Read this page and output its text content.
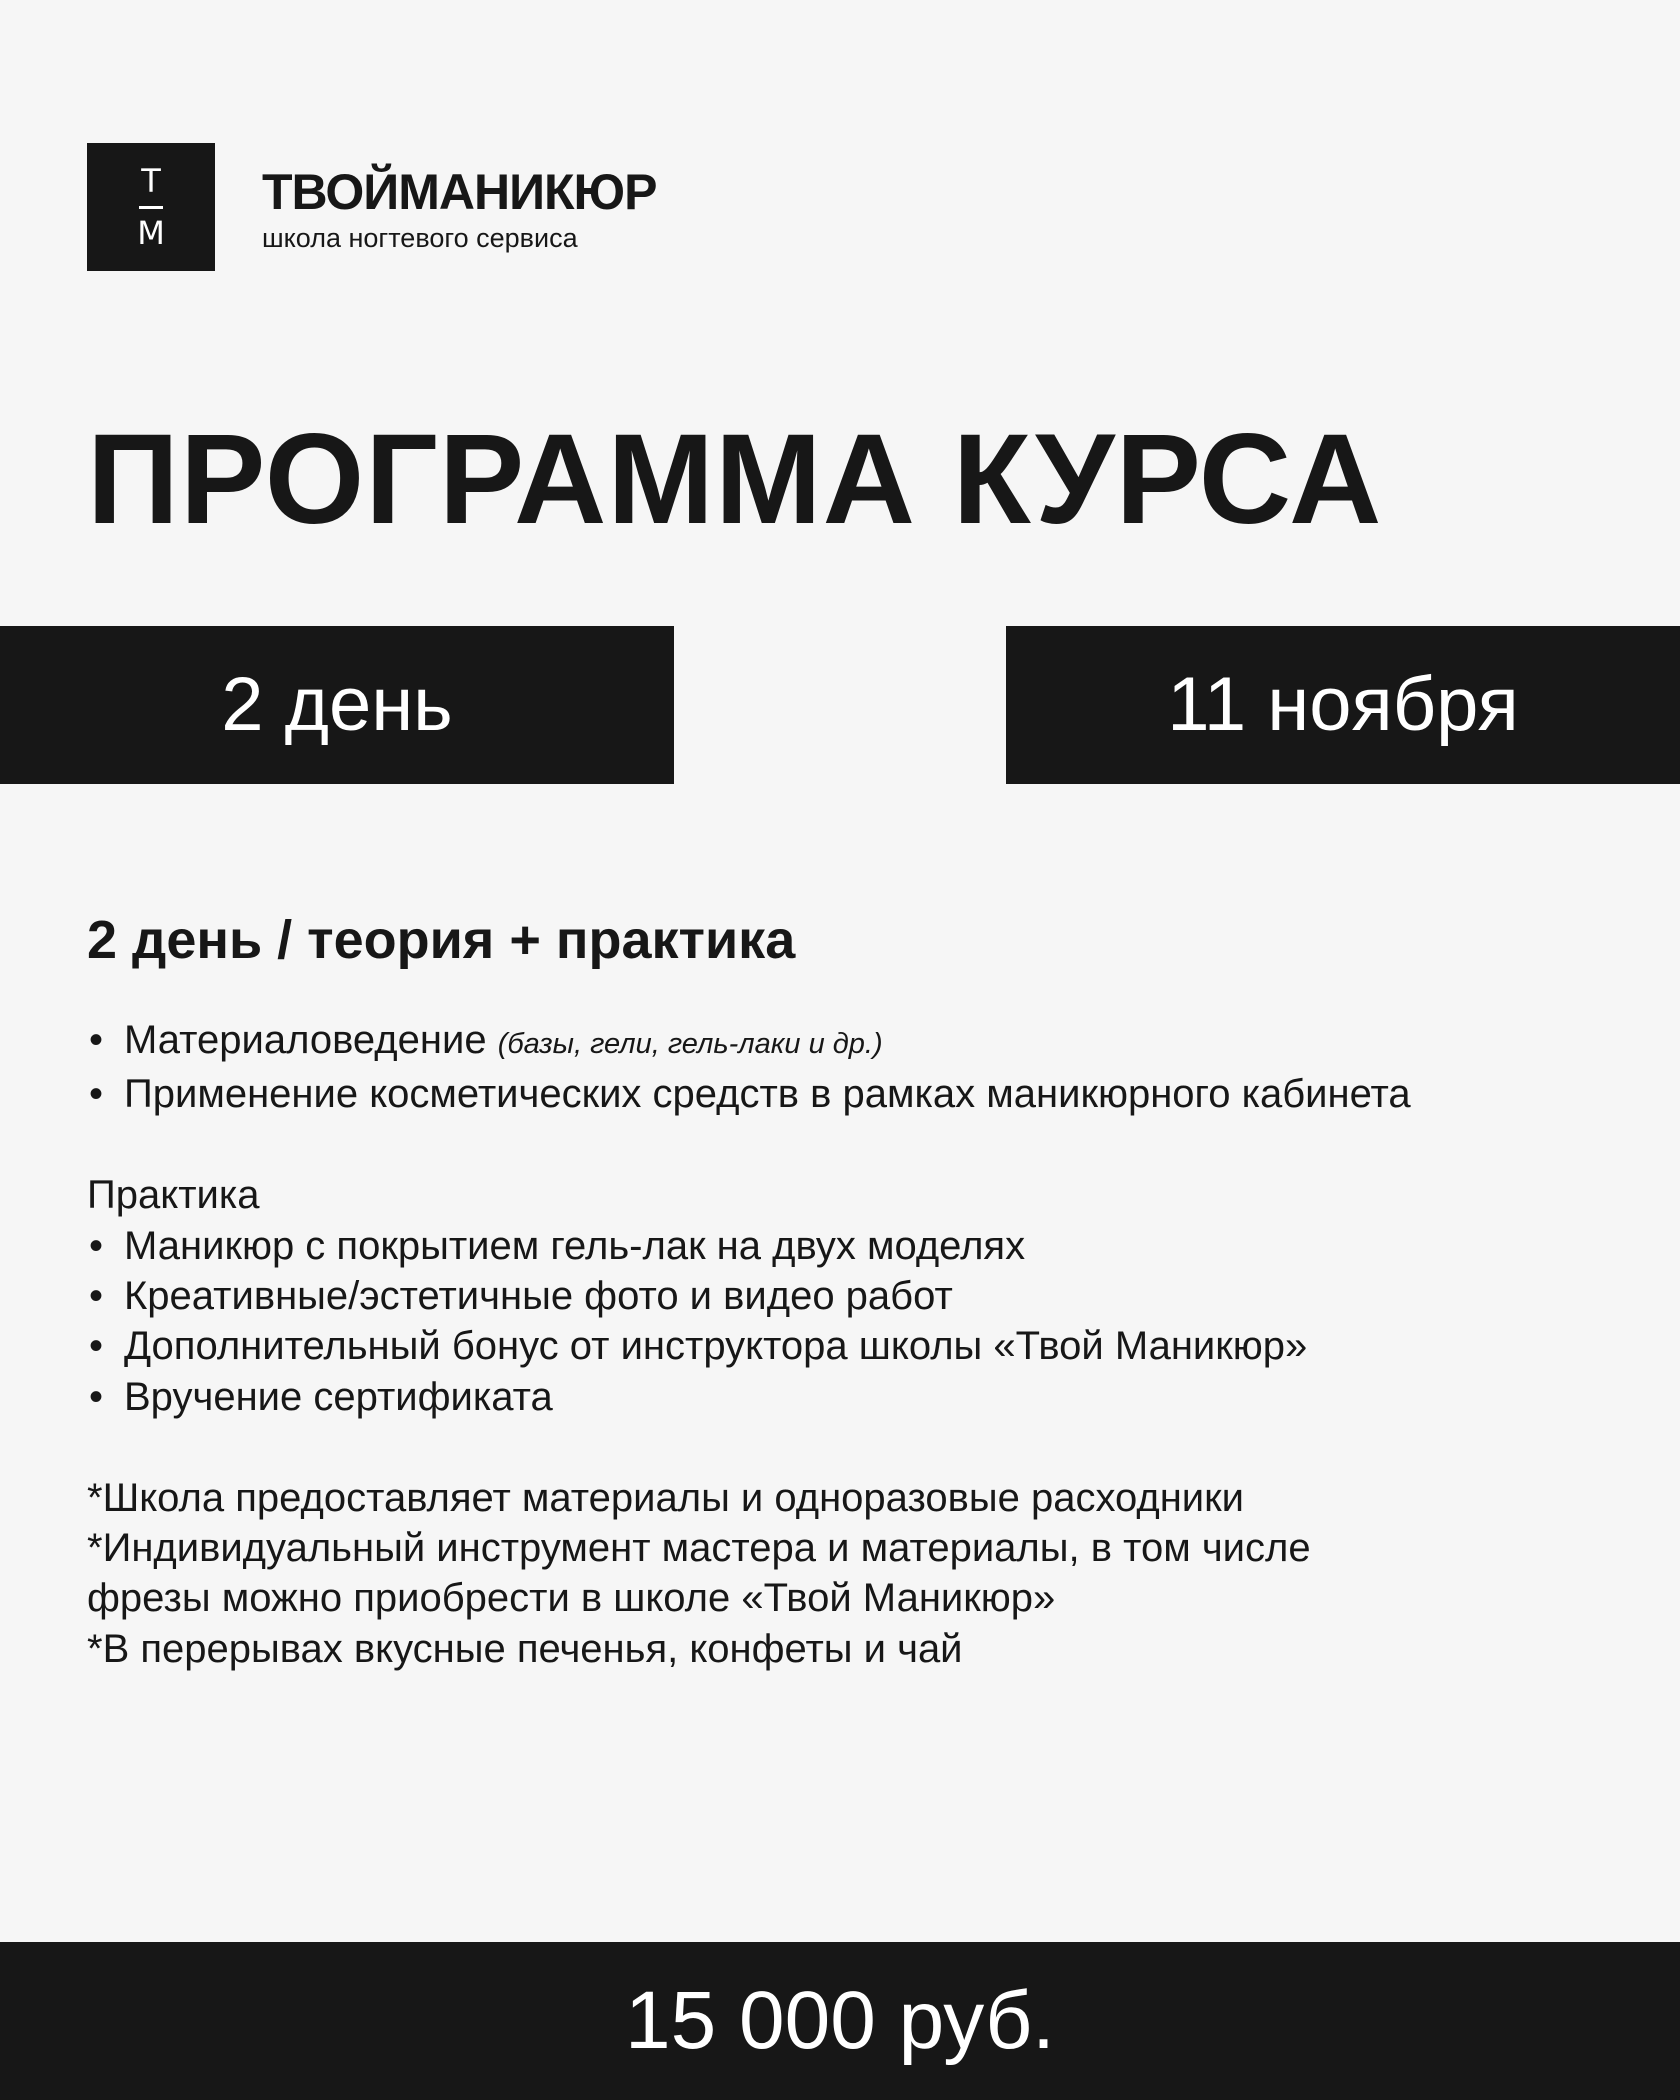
Т
М
ТВОЙМАНИКЮР
школа ногтевого сервиса
ПРОГРАММА КУРСА
2 день	11 ноября
2 день / теория + практика
• Материаловедение (базы, гели, гель-лаки и др.)
• Применение косметических средств в рамках маникюрного кабинета
Практика
• Маникюр с покрытием гель-лак на двух моделях
• Креативные/эстетичные фото и видео работ
• Дополнительный бонус от инструктора школы «Твой Маникюр»
• Вручение сертификата
*Школа предоставляет материалы и одноразовые расходники
*Индивидуальный инструмент мастера и материалы, в том числе
фрезы можно приобрести в школе «Твой Маникюр»
*В перерывах вкусные печенья, конфеты и чай
15 000 руб.
